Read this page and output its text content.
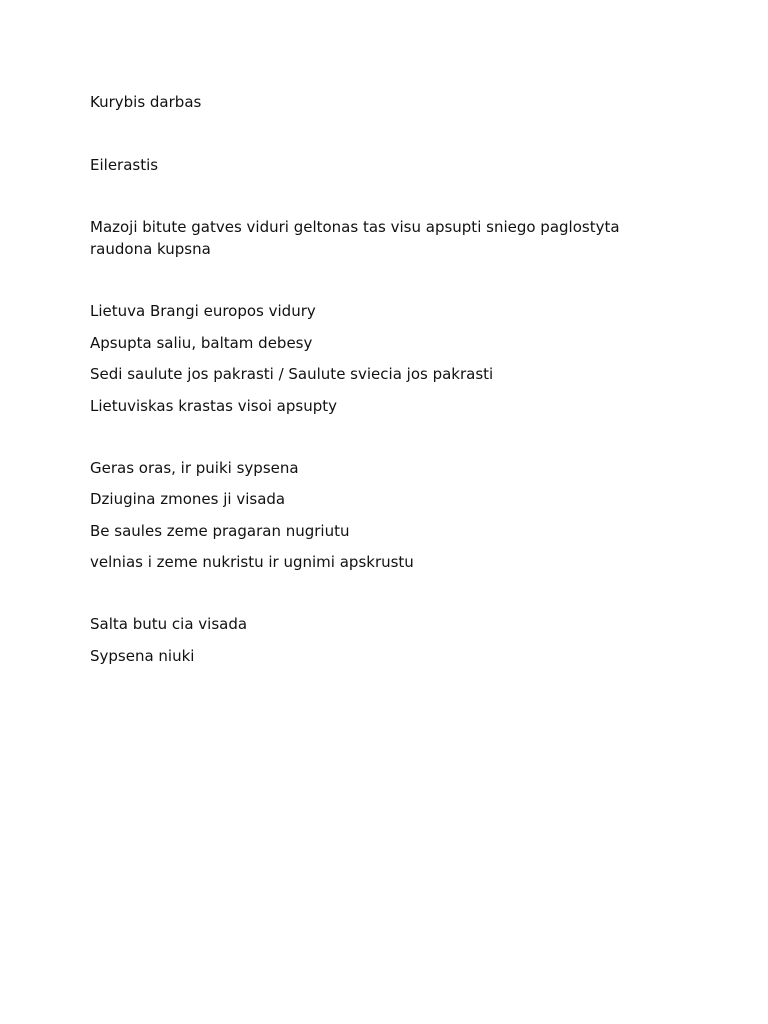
Kurybis darbas

Eilerastis

Mazoji bitute gatves viduri geltonas tas visu apsupti sniego paglostyta raudona kupsna

Lietuva Brangi europos vidury

Apsupta saliu, baltam debesy

Sedi saulute jos pakrasti / Saulute sviecia jos pakrasti

Lietuviskas krastas visoi apsupty

Geras oras, ir puiki sypsena

Dziugina zmones ji visada

Be saules zeme pragaran nugriutu

velnias i zeme nukristu ir ugnimi apskrustu

Salta butu cia visada

Sypsena niuki
